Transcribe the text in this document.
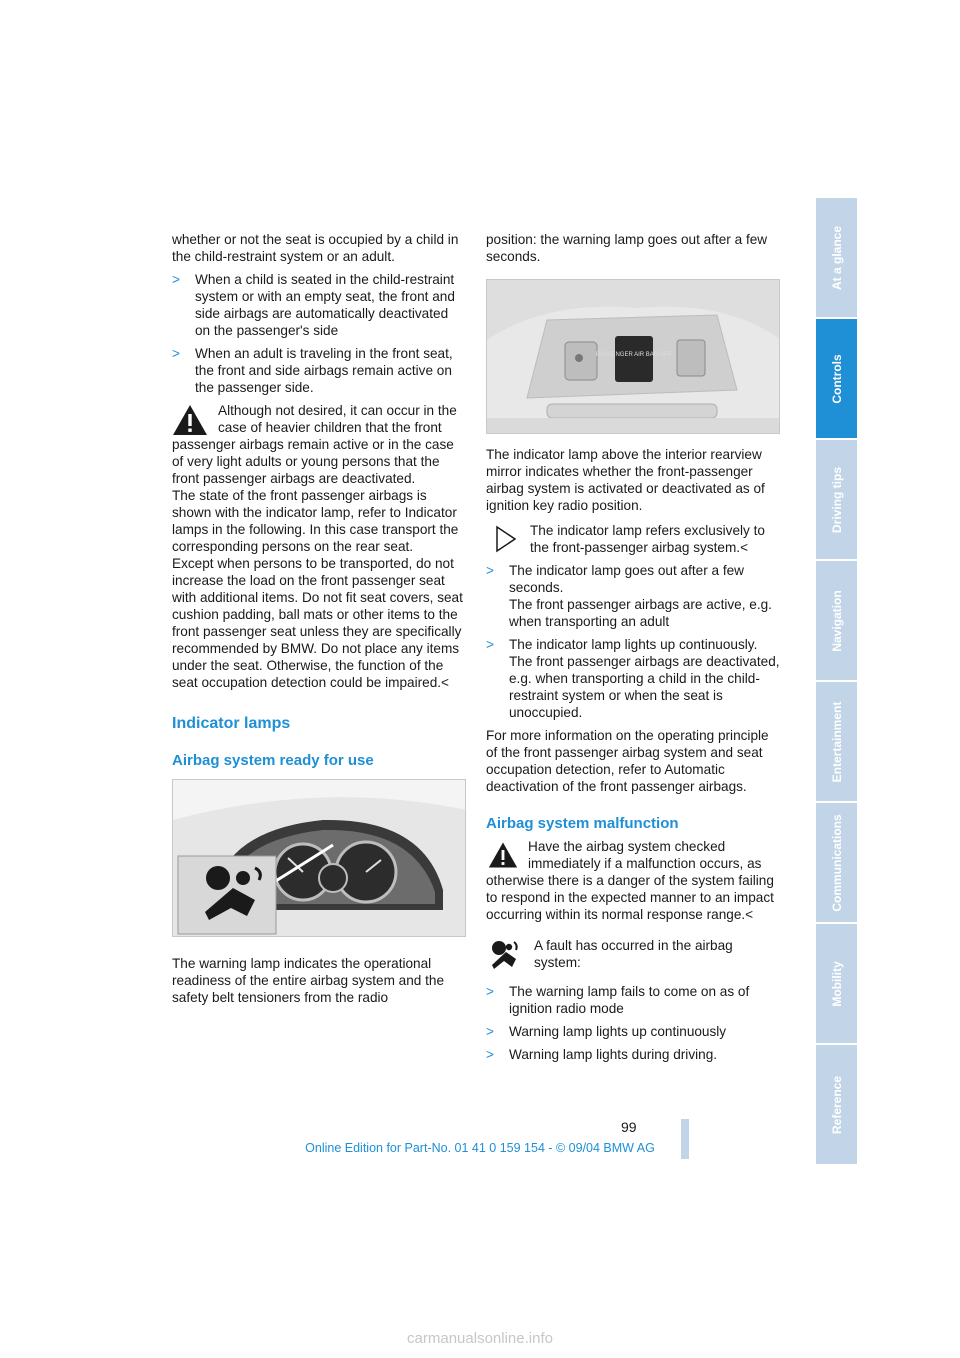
whether or not the seat is occupied by a child in the child-restraint system or an adult.

> When a child is seated in the child-restraint system or with an empty seat, the front and side airbags are automatically deactivated on the passenger's side
> When an adult is traveling in the front seat, the front and side airbags remain active on the passenger side.
Although not desired, it can occur in the case of heavier children that the front passenger airbags remain active or in the case of very light adults or young persons that the front passenger airbags are deactivated.
The state of the front passenger airbags is shown with the indicator lamp, refer to Indicator lamps in the following. In this case transport the corresponding persons on the rear seat.
Except when persons to be transported, do not increase the load on the front passenger seat with additional items. Do not fit seat covers, seat cushion padding, ball mats or other items to the front passenger seat unless they are specifically recommended by BMW. Do not place any items under the seat. Otherwise, the function of the seat occupation detection could be impaired.<
Indicator lamps
Airbag system ready for use

The warning lamp indicates the operational readiness of the entire airbag system and the safety belt tensioners from the radio

position: the warning lamp goes out after a few seconds.

PASSENGER AIR BAG OFF

The indicator lamp above the interior rearview mirror indicates whether the front-passenger airbag system is activated or deactivated as of ignition key radio position.

The indicator lamp refers exclusively to the front-passenger airbag system.<
> The indicator lamp goes out after a few seconds.
The front passenger airbags are active, e.g. when transporting an adult
> The indicator lamp lights up continuously. The front passenger airbags are deactivated, e.g. when transporting a child in the child-restraint system or when the seat is unoccupied.

For more information on the operating principle of the front passenger airbag system and seat occupation detection, refer to Automatic deactivation of the front passenger airbags.

Airbag system malfunction
Have the airbag system checked immediately if a malfunction occurs, as otherwise there is a danger of the system failing to respond in the expected manner to an impact occurring within its normal response range.<
A fault has occurred in the airbag system:
> The warning lamp fails to come on as of ignition radio mode
> Warning lamp lights up continuously
> Warning lamp lights during driving.
At a glance
Controls
Driving tips
Navigation
Entertainment
Communications
Mobility
Reference
99
Online Edition for Part-No. 01 41 0 159 154 - © 09/04 BMW AG
carmanualsonline.info
